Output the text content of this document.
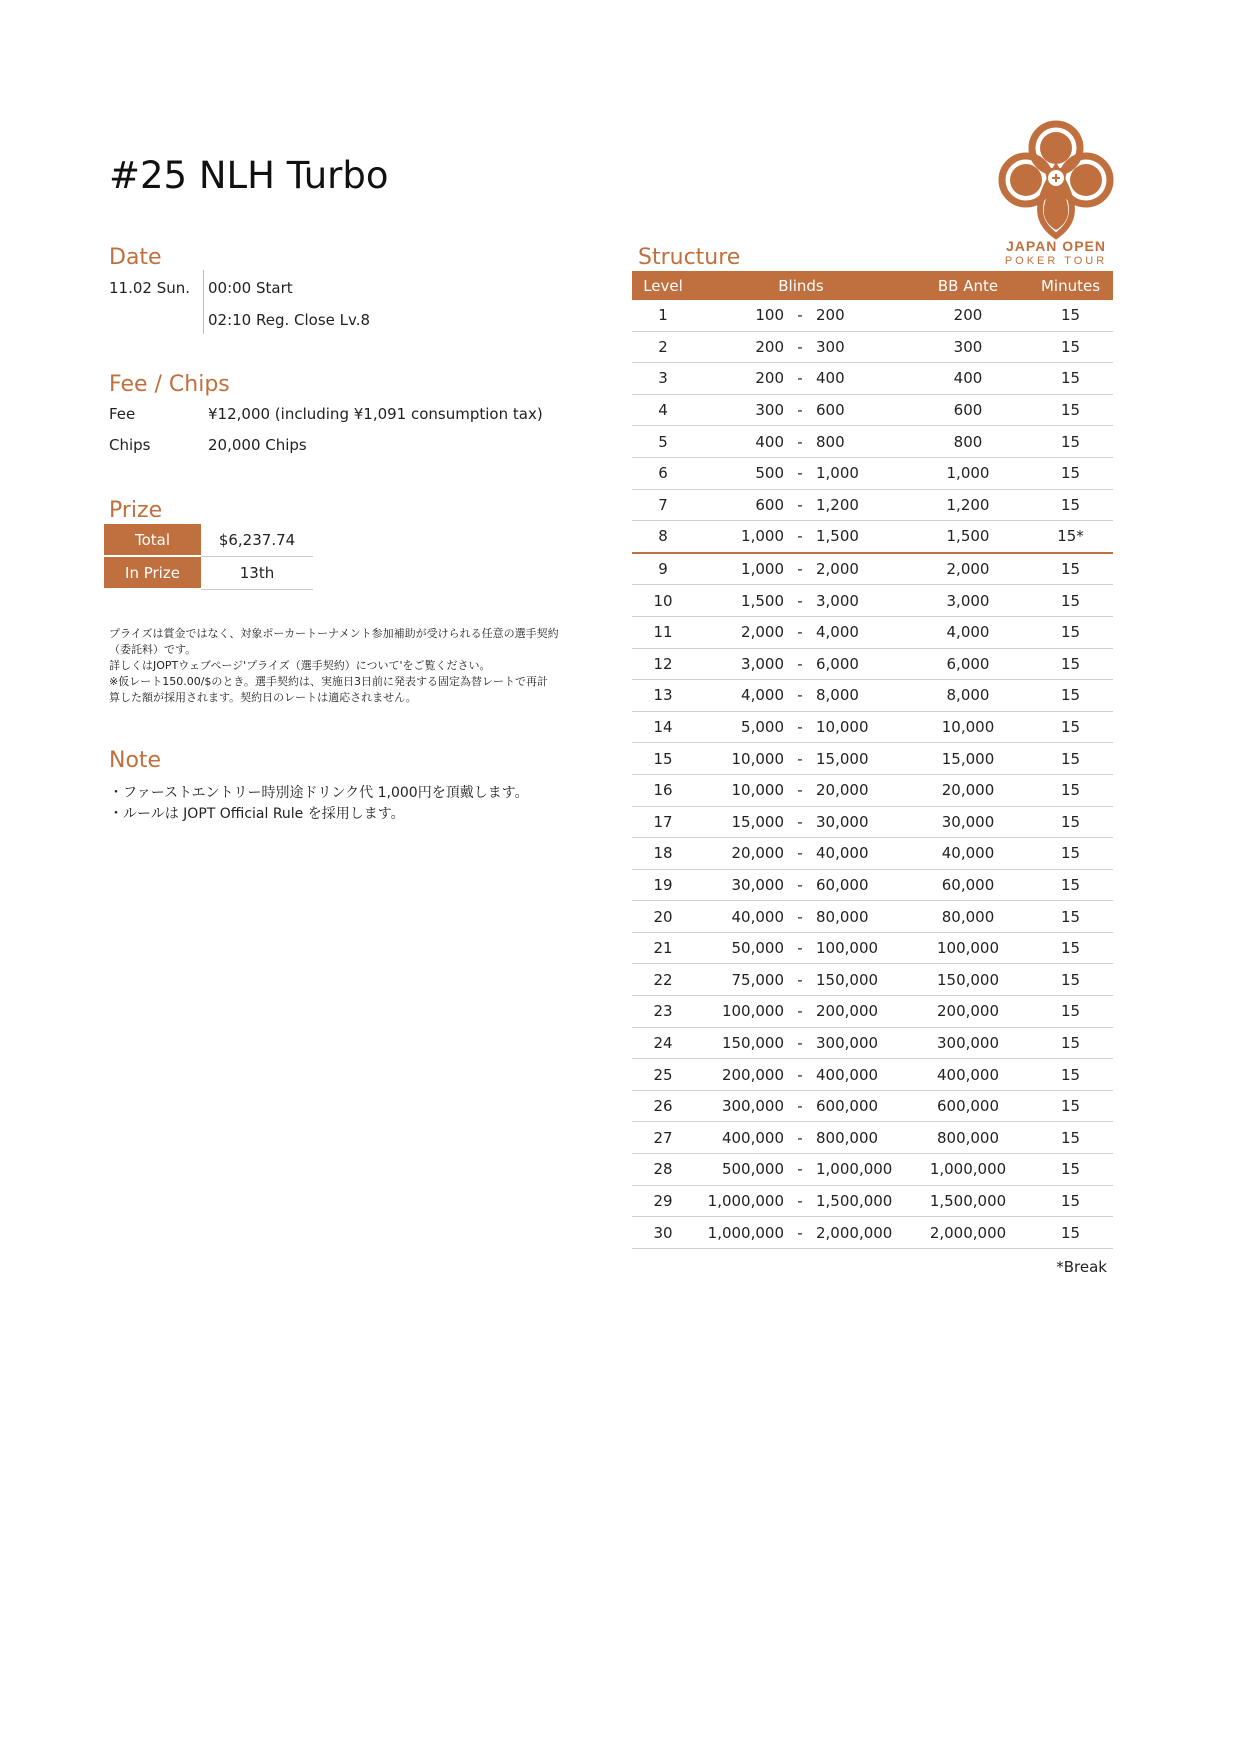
#25 NLH Turbo
JAPAN OPEN
POKER TOUR
Date
11.02 Sun. 00:00 Start
02:10 Reg. Close Lv.8
Fee / Chips
Fee	¥12,000 (including ¥1,091 consumption tax)
Chips	20,000 Chips
Prize
Total	$6,237.74
In Prize	13th
プライズは賞金ではなく、対象ポーカートーナメント参加補助が受けられる任意の選手契約
（委託料）です。
詳しくはJOPTウェブページ'プライズ（選手契約）について'をご覧ください。
※仮レート150.00/$のとき。選手契約は、実施日3日前に発表する固定為替レートで再計
算した額が採用されます。契約日のレートは適応されません。
Note
・ファーストエントリー時別途ドリンク代 1,000円を頂戴します。
・ルールは JOPT Official Rule を採用します。
Structure
Level	Blinds	BB Ante	Minutes
1	100 - 200	200	15
2	200 - 300	300	15
3	200 - 400	400	15
4	300 - 600	600	15
5	400 - 800	800	15
6	500 - 1,000	1,000	15
7	600 - 1,200	1,200	15
8	1,000 - 1,500	1,500	15*
9	1,000 - 2,000	2,000	15
10	1,500 - 3,000	3,000	15
11	2,000 - 4,000	4,000	15
12	3,000 - 6,000	6,000	15
13	4,000 - 8,000	8,000	15
14	5,000 - 10,000	10,000	15
15	10,000 - 15,000	15,000	15
16	10,000 - 20,000	20,000	15
17	15,000 - 30,000	30,000	15
18	20,000 - 40,000	40,000	15
19	30,000 - 60,000	60,000	15
20	40,000 - 80,000	80,000	15
21	50,000 - 100,000	100,000	15
22	75,000 - 150,000	150,000	15
23	100,000 - 200,000	200,000	15
24	150,000 - 300,000	300,000	15
25	200,000 - 400,000	400,000	15
26	300,000 - 600,000	600,000	15
27	400,000 - 800,000	800,000	15
28	500,000 - 1,000,000	1,000,000	15
29	1,000,000 - 1,500,000	1,500,000	15
30	1,000,000 - 2,000,000	2,000,000	15
*Break
